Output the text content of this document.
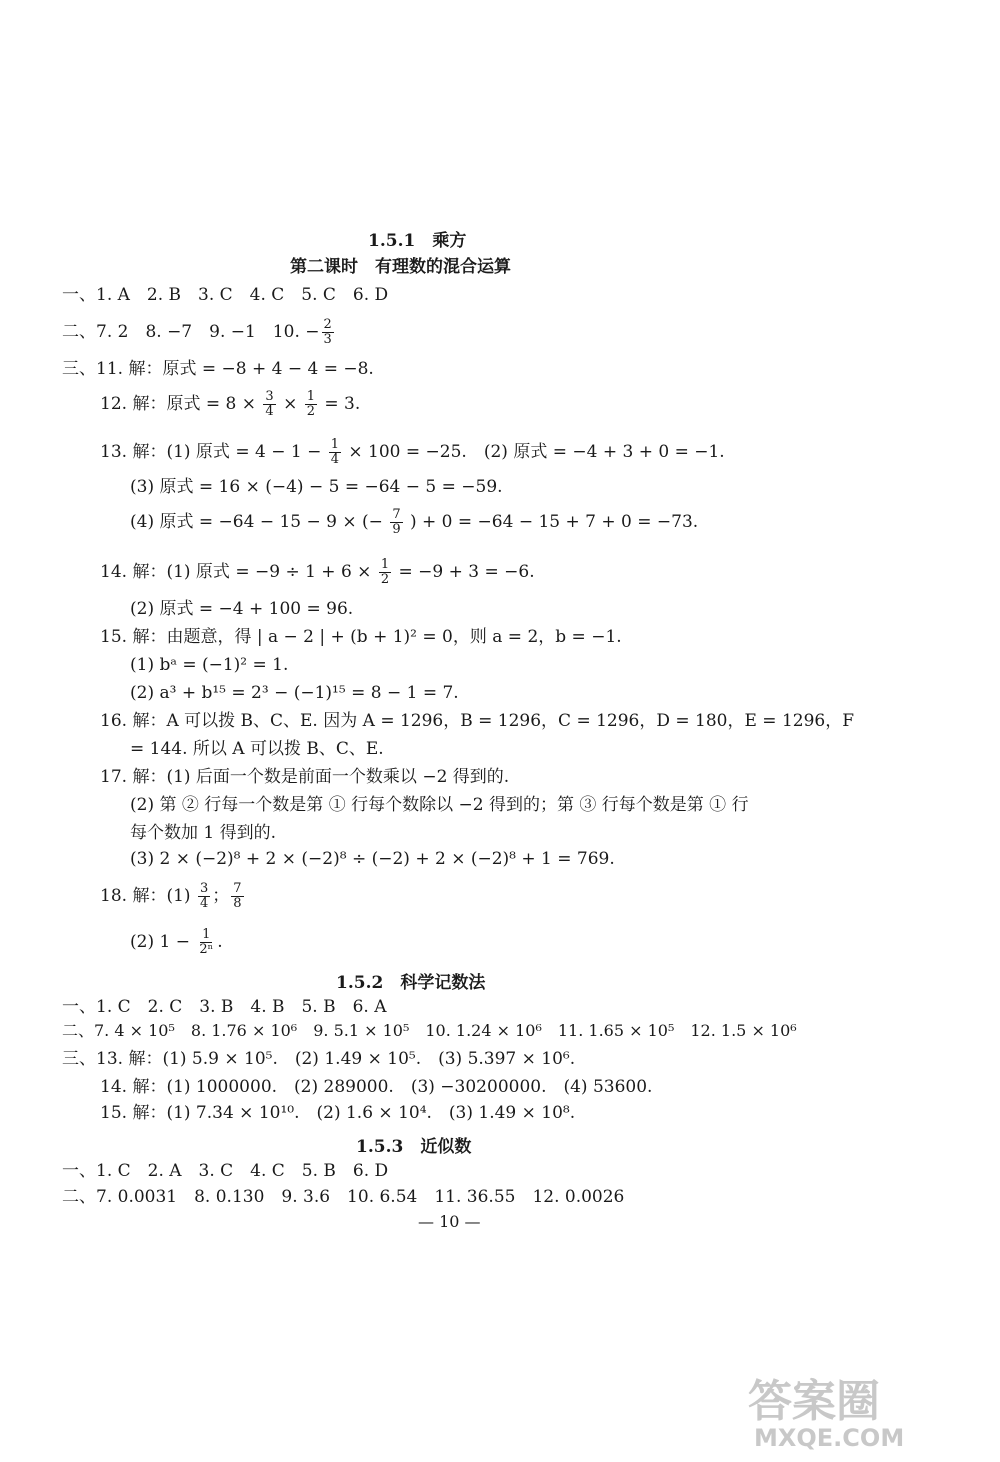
1.5.1　乘方
第二课时　有理数的混合运算
一、1. A　2. B　3. C　4. C　5. C　6. D
二、7. 2　8. −7　9. −1　10. − $\frac{2}{3}$
三、11. 解：原式 = −8 + 4 − 4 = −8.
12. 解：原式 = $8 \times \frac{3}{4} \times \frac{1}{2} = 3$.
13. 解：(1) 原式 = $4 - 1 - \frac{1}{4} \times 100 = -25$.　(2) 原式 = −4 + 3 + 0 = −1.
(3) 原式 = 16 × (−4) − 5 = −64 − 5 = −59.
(4) 原式 = −64 − 15 − 9 × (− $\frac{7}{9}$ ) + 0 = −64 − 15 + 7 + 0 = −73.
14. 解：(1) 原式 = $-9 \div 1 + 6 \times \frac{1}{2} = -9 + 3 = -6$.
(2) 原式 = −4 + 100 = 96.
15. 解：由题意，得 | a − 2 | + (b + 1)² = 0，则 a = 2，b = −1.
(1) bᵃ = (−1)² = 1.
(2) a³ + b¹⁵ = 2³ − (−1)¹⁵ = 8 − 1 = 7.
16. 解：A 可以拨 B、C、E. 因为 A = 1296，B = 1296，C = 1296，D = 180，E = 1296，F
= 144. 所以 A 可以拨 B、C、E.
17. 解：(1) 后面一个数是前面一个数乘以 −2 得到的.
(2) 第 ② 行每一个数是第 ① 行每个数除以 −2 得到的；第 ③ 行每个数是第 ① 行
每个数加 1 得到的.
(3) 2 × (−2)⁸ + 2 × (−2)⁸ ÷ (−2) + 2 × (−2)⁸ + 1 = 769.
18. 解：$(1) \frac{3}{4}$ ； $\frac{7}{8}$
(2) $1 - \frac{1}{\text{2ⁿ}}$ .
1.5.2　科学记数法
一、1. C　2. C　3. B　4. B　5. B　6. A
二、7. 4 × 10⁵　8. 1.76 × 10⁶　9. 5.1 × 10⁵　10. 1.24 × 10⁶　11. 1.65 × 10⁵　12. 1.5 × 10⁶
三、13. 解：(1) 5.9 × 10⁵.　(2) 1.49 × 10⁵.　(3) 5.397 × 10⁶.
14. 解：(1) 1000000.　(2) 289000.　(3) −30200000.　(4) 53600.
15. 解：(1) 7.34 × 10¹⁰.　(2) 1.6 × 10⁴.　(3) 1.49 × 10⁸.
1.5.3　近似数
一、1. C　2. A　3. C　4. C　5. B　6. D
二、7. 0.0031　8. 0.130　9. 3.6　10. 6.54　11. 36.55　12. 0.0026
— 10 —
答案圈
MXQE.COM
